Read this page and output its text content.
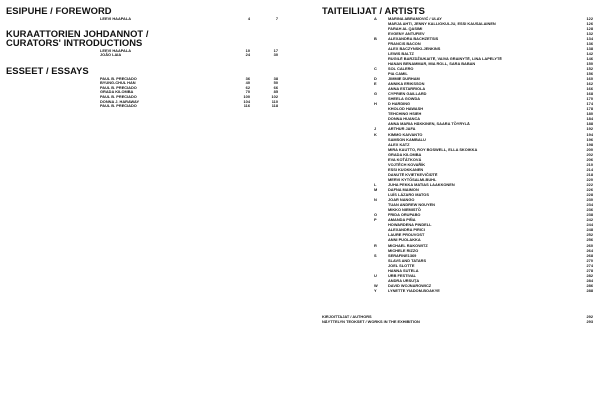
ESIPUHE / FOREWORD
LEEVI HAAPALA	4	7
KURAATTORIEN JOHDANNOT /
CURATORS' INTRODUCTIONS
LEEVI HAAPALA	10	17
JOÃO LAIA	24	30
ESSEET / ESSAYS
PAUL B. PRECIADO	36	38
BYUNG-CHUL HAN	40	50
PAUL B. PRECIADO	62	66
GRADA KILOMBA	70	85
PAUL B. PRECIADO	100	102
DONNA J. HARAWAY	104	110
PAUL B. PRECIADO	116	118
TAITEILIJAT / ARTISTS
A	MARINA ABRAMOVIĆ / ULAY	122
MARJA AHTI, JENNY KALLIOKULJU, ESSI KAUSALAINEN	126
FARAH AL QASIMI	128
EVGENY ANTUFIEV	132
B	ALEXANDRA BACHZETSIS	134
FRANCIS BACON	136
ALEX BACZYNSKI-JENKINS	138
LEWIS BALTZ	142
RUGILĖ BARZDŽIUKAITĖ, VAIVA GRAINYTĖ, LINA LAPELYTĖ	146
HANAN BENAMMAR, MIA ROLL, SARA BABAN	150
C	SOL CALERO	152
PIA CAMIL	156
D	JIMMIE DURHAM	160
E	ANNIKA ERIKSSON	162
ANNA ESTARRIOLA	166
G	CYPRIEN GAILLARD	168
SHEELA GOWDA	170
H	D HARDING	174
KHOLOD HAWASH	178
TEHCHING HSIEH	180
DONNA HUANCA	184
ANNA MARIA HÄKKINEN, SAARA TÖYRYLÄ	188
J	ARTHUR JAFA	192
K	KIMMO KAIVANTO	194
SAMSON KAMBALU	196
ALEX KATZ	198
MIRA KAUTTO, ROY BOSWELL, ELLA SKOIKKA	200
GRADA KILOMBA	202
EVA KOŤÁTKOVÁ	206
VOJTĚCH KOVAŘÍK	210
ESSI KUOKKANEN	214
DANUTĖ KVIETKEVIČIŪTĖ	218
MERVI KYTÖSALMI-BUHL	220
L	JUHA PEKKA MATIAS LAAKKONEN	222
M	DAFNA MAIMON	226
LUÍS LÁZARO MATOS	228
N	JOAR NANGO	230
TUAN ANDREW NGUYEN	234
MIKKO NIEMISTÖ	236
O	FRIDA ORUPABO	238
P	AMANDA PIÑA	242
HOWARDENA PINDELL	244
ALEXANDRA PIRICI	248
LAURE PROUVOST	252
ANNI PUOLAKKA	256
R	MICHAEL RAKOWITZ	260
MICHELE RIZZO	264
S	SERAFINE1369	268
SLAVS AND TATARS	270
JOEL SLOTTE	274
HANNA SUTELA	278
U	URB FESTIVAL	282
ANDRA URSUȚA	284
W	DAVID WOJNAROWICZ	286
Y	LYNETTE YIADOM-BOAKYE	288
KIRJOITTAJAT / AUTHORS	292
NÄYTTELYN TEOKSET / WORKS IN THE EXHIBITION	293
